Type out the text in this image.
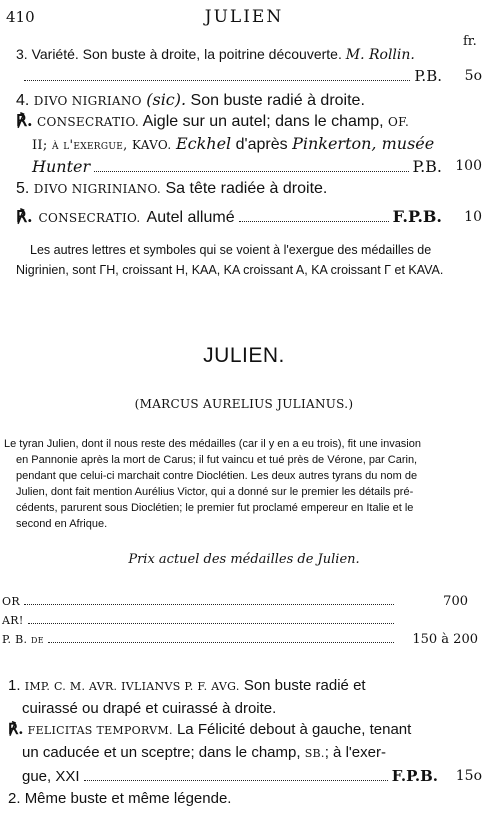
410	JULIEN
fr.
3. Variété. Son buste à droite, la poitrine découverte. M. Rollin.
P.B. 5o
4. DIVO NIGRIANO (sic). Son buste radié à droite.
℟. CONSECRATIO. Aigle sur un autel; dans le champ, OF.
II; à l'exergue, KAVO. Eckhel d'après Pinkerton, musée
Hunter	P.B. 100
5. DIVO NIGRINIANO. Sa tête radiée à droite.
℟. CONSECRATIO. Autel allumé	F.P.B. 10
Les autres lettres et symboles qui se voient à l'exergue des médailles de
Nigrinien, sont ΓH, croissant H, KAA, KA croissant A, KA croissant Γ et KAVA.
JULIEN.
(MARCUS AURELIUS JULIANUS.)
Le tyran Julien, dont il nous reste des médailles (car il y en a eu trois), fit une invasion
en Pannonie après la mort de Carus; il fut vaincu et tué près de Vérone, par Carin,
pendant que celui-ci marchait contre Dioclétien. Les deux autres tyrans du nom de
Julien, dont fait mention Aurélius Victor, qui a donné sur le premier les détails pré-
cédents, parurent sous Dioclétien; le premier fut proclamé empereur en Italie et le
second en Afrique.
Prix actuel des médailles de Julien.
OR	700
AR!
P. B. de	150 à 200
1. IMP. C. M. AVR. IVLIANVS P. F. AVG. Son buste radié et
cuirassé ou drapé et cuirassé à droite.
℟. FELICITAS TEMPORVM. La Félicité debout à gauche, tenant
un caducée et un sceptre; dans le champ, SB.; à l'exer-
gue, XXI	F.P.B. 15o
2. Même buste et même légende.
